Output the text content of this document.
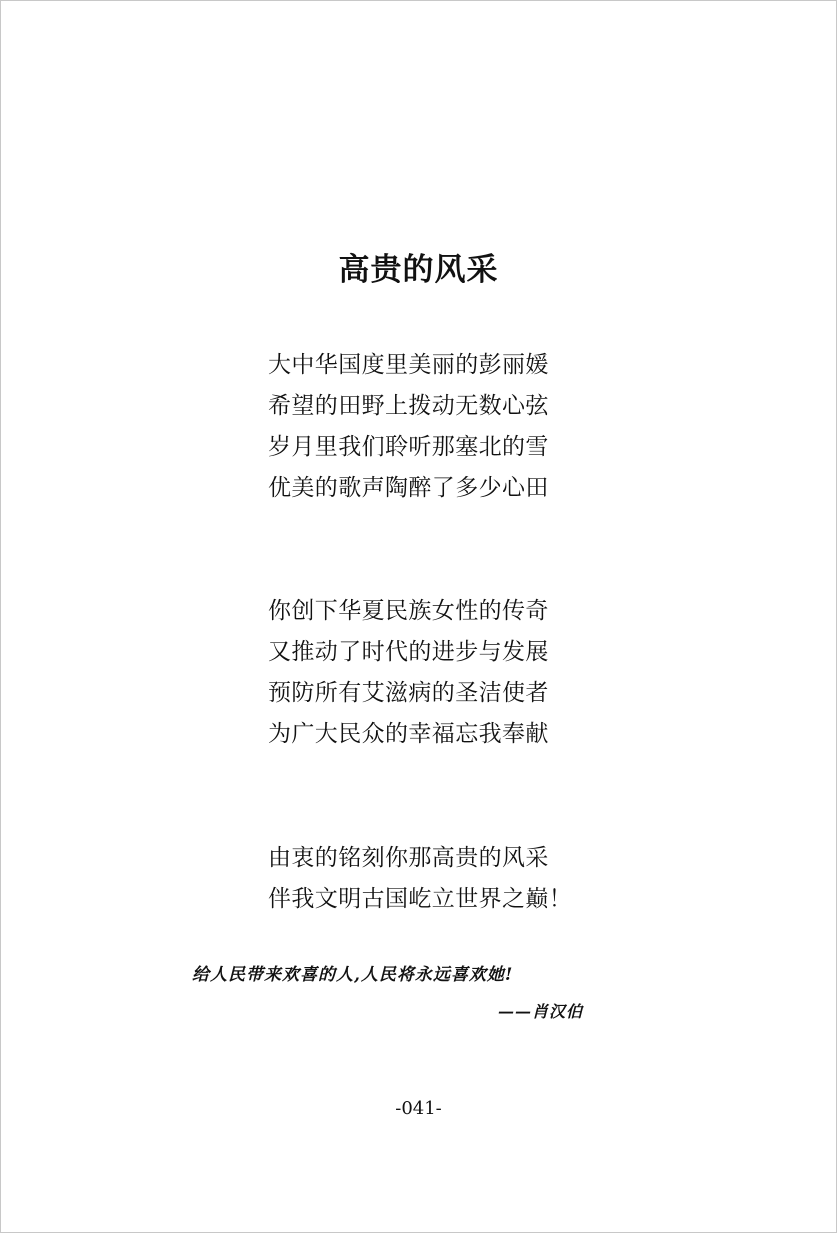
高贵的风采
大中华国度里美丽的彭丽媛
希望的田野上拨动无数心弦
岁月里我们聆听那塞北的雪
优美的歌声陶醉了多少心田
你创下华夏民族女性的传奇
又推动了时代的进步与发展
预防所有艾滋病的圣洁使者
为广大民众的幸福忘我奉献
由衷的铭刻你那高贵的风采
伴我文明古国屹立世界之巅！
给人民带来欢喜的人,人民将永远喜欢她!
——肖汉伯
-041-
